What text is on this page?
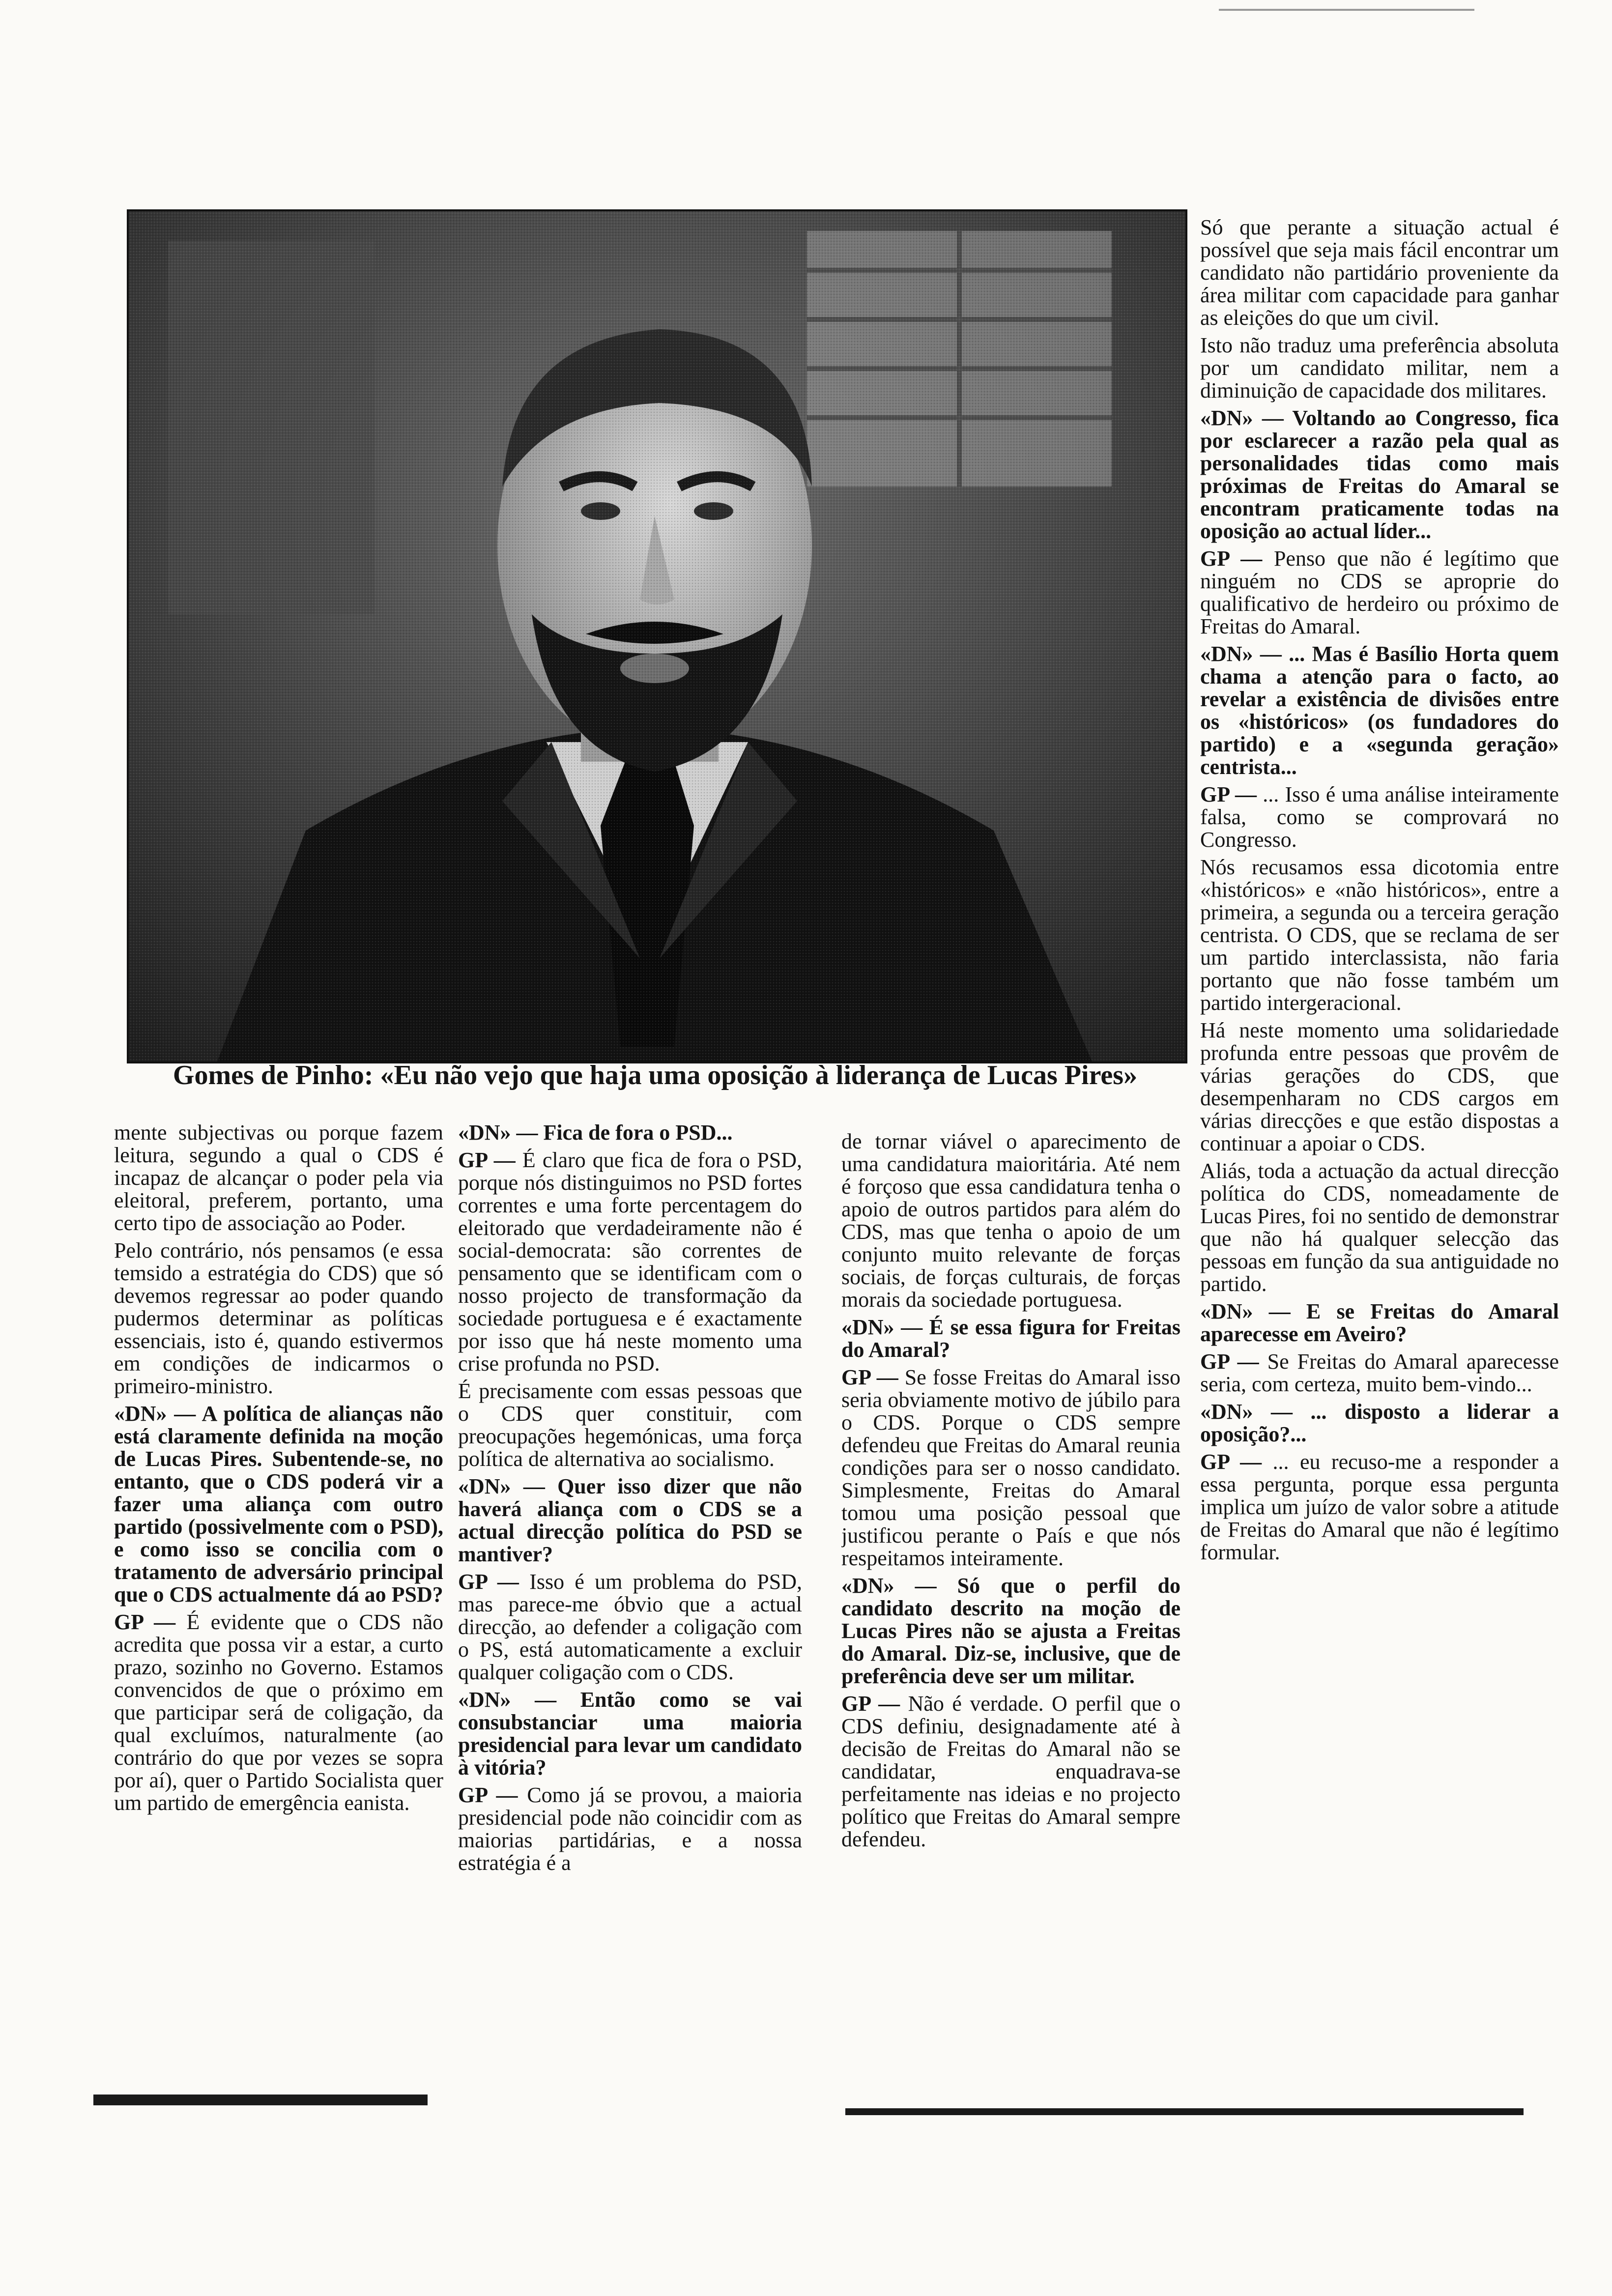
Gomes de Pinho: «Eu não vejo que haja uma oposição à liderança de Lucas Pires»

mente subjectivas ou porque fazem leitura, segundo a qual o CDS é incapaz de alcançar o poder pela via eleitoral, preferem, portanto, uma certo tipo de associação ao Poder.

Pelo contrário, nós pensamos (e essa temsido a estratégia do CDS) que só devemos regressar ao poder quando pudermos determinar as políticas essenciais, isto é, quando estivermos em condições de indicarmos o primeiro-ministro.

«DN» — A política de alianças não está claramente definida na moção de Lucas Pires. Subentende-se, no entanto, que o CDS poderá vir a fazer uma aliança com outro partido (possivelmente com o PSD), e como isso se concilia com o tratamento de adversário principal que o CDS actualmente dá ao PSD?

GP — É evidente que o CDS não acredita que possa vir a estar, a curto prazo, sozinho no Governo. Estamos convencidos de que o próximo em que participar será de coligação, da qual excluímos, naturalmente (ao contrário do que por vezes se sopra por aí), quer o Partido Socialista quer um partido de emergência eanista.

«DN» — Fica de fora o PSD...

GP — É claro que fica de fora o PSD, porque nós distinguimos no PSD fortes correntes e uma forte percentagem do eleitorado que verdadeiramente não é social-democrata: são correntes de pensamento que se identificam com o nosso projecto de transformação da sociedade portuguesa e é exactamente por isso que há neste momento uma crise profunda no PSD.

É precisamente com essas pessoas que o CDS quer constituir, com preocupações hegemónicas, uma força política de alternativa ao socialismo.

«DN» — Quer isso dizer que não haverá aliança com o CDS se a actual direcção política do PSD se mantiver?

GP — Isso é um problema do PSD, mas parece-me óbvio que a actual direcção, ao defender a coligação com o PS, está automaticamente a excluir qualquer coligação com o CDS.

«DN» — Então como se vai consubstanciar uma maioria presidencial para levar um candidato à vitória?

GP — Como já se provou, a maioria presidencial pode não coincidir com as maiorias partidárias, e a nossa estratégia é a

de tornar viável o aparecimento de uma candidatura maioritária. Até nem é forçoso que essa candidatura tenha o apoio de outros partidos para além do CDS, mas que tenha o apoio de um conjunto muito relevante de forças sociais, de forças culturais, de forças morais da sociedade portuguesa.

«DN» — É se essa figura for Freitas do Amaral?

GP — Se fosse Freitas do Amaral isso seria obviamente motivo de júbilo para o CDS. Porque o CDS sempre defendeu que Freitas do Amaral reunia condições para ser o nosso candidato. Simplesmente, Freitas do Amaral tomou uma posição pessoal que justificou perante o País e que nós respeitamos inteiramente.

«DN» — Só que o perfil do candidato descrito na moção de Lucas Pires não se ajusta a Freitas do Amaral. Diz-se, inclusive, que de preferência deve ser um militar.

GP — Não é verdade. O perfil que o CDS definiu, designadamente até à decisão de Freitas do Amaral não se candidatar, enquadrava-se perfeitamente nas ideias e no projecto político que Freitas do Amaral sempre defendeu.

Só que perante a situação actual é possível que seja mais fácil encontrar um candidato não partidário proveniente da área militar com capacidade para ganhar as eleições do que um civil.

Isto não traduz uma preferência absoluta por um candidato militar, nem a diminuição de capacidade dos militares.

«DN» — Voltando ao Congresso, fica por esclarecer a razão pela qual as personalidades tidas como mais próximas de Freitas do Amaral se encontram praticamente todas na oposição ao actual líder...

GP — Penso que não é legítimo que ninguém no CDS se aproprie do qualificativo de herdeiro ou próximo de Freitas do Amaral.

«DN» — ... Mas é Basílio Horta quem chama a atenção para o facto, ao revelar a existência de divisões entre os «históricos» (os fundadores do partido) e a «segunda geração» centrista...

GP — ... Isso é uma análise inteiramente falsa, como se comprovará no Congresso.

Nós recusamos essa dicotomia entre «históricos» e «não históricos», entre a primeira, a segunda ou a terceira geração centrista. O CDS, que se reclama de ser um partido interclassista, não faria portanto que não fosse também um partido intergeracional.

Há neste momento uma solidariedade profunda entre pessoas que provêm de várias gerações do CDS, que desempenharam no CDS cargos em várias direcções e que estão dispostas a continuar a apoiar o CDS.

Aliás, toda a actuação da actual direcção política do CDS, nomeadamente de Lucas Pires, foi no sentido de demonstrar que não há qualquer selecção das pessoas em função da sua antiguidade no partido.

«DN» — E se Freitas do Amaral aparecesse em Aveiro?

GP — Se Freitas do Amaral aparecesse seria, com certeza, muito bem-vindo...

«DN» — ... disposto a liderar a oposição?...

GP — ... eu recuso-me a responder a essa pergunta, porque essa pergunta implica um juízo de valor sobre a atitude de Freitas do Amaral que não é legítimo formular.
